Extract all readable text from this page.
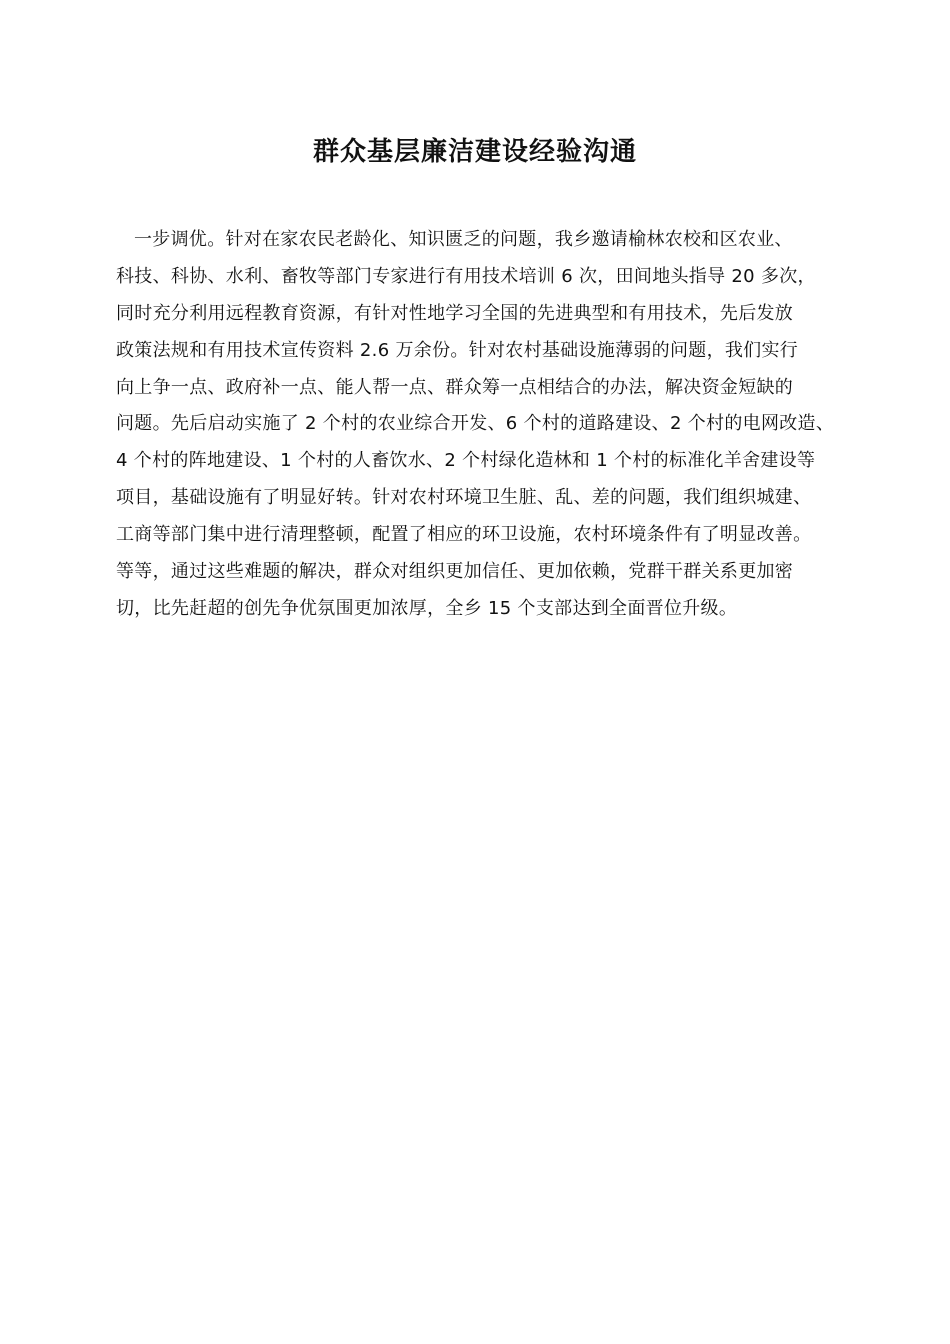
群众基层廉洁建设经验沟通
一步调优。针对在家农民老龄化、知识匮乏的问题，我乡邀请榆林农校和区农业、
科技、科协、水利、畜牧等部门专家进行有用技术培训 6 次，田间地头指导 20 多次，
同时充分利用远程教育资源，有针对性地学习全国的先进典型和有用技术，先后发放
政策法规和有用技术宣传资料 2.6 万余份。针对农村基础设施薄弱的问题，我们实行
向上争一点、政府补一点、能人帮一点、群众筹一点相结合的办法，解决资金短缺的
问题。先后启动实施了 2 个村的农业综合开发、6 个村的道路建设、2 个村的电网改造、
4 个村的阵地建设、1 个村的人畜饮水、2 个村绿化造林和 1 个村的标准化羊舍建设等
项目，基础设施有了明显好转。针对农村环境卫生脏、乱、差的问题，我们组织城建、
工商等部门集中进行清理整顿，配置了相应的环卫设施，农村环境条件有了明显改善。
等等，通过这些难题的解决，群众对组织更加信任、更加依赖，党群干群关系更加密
切，比先赶超的创先争优氛围更加浓厚，全乡 15 个支部达到全面晋位升级。
